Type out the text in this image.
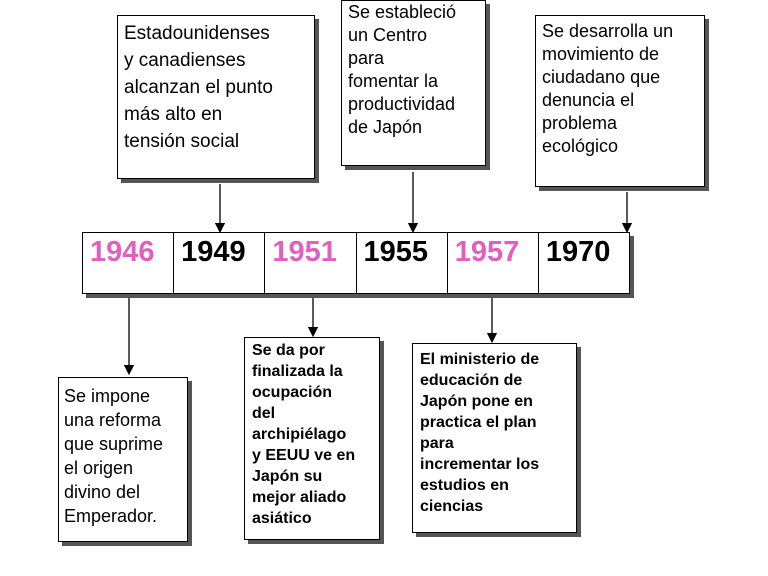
Estadounidenses
y canadienses
alcanzan el punto
más alto en
tensión social
Se estableció
un Centro
para
fomentar la
productividad
de Japón
Se desarrolla un
movimiento de
ciudadano que
denuncia el
problema
ecológico
1946 1949 1951 1955 1957 1970
Se impone
una reforma
que suprime
el origen
divino del
Emperador.
Se da por
finalizada la
ocupación
del
archipiélago
y EEUU ve en
Japón su
mejor aliado
asiático
El ministerio de
educación de
Japón pone en
practica el plan
para
incrementar los
estudios en
ciencias
